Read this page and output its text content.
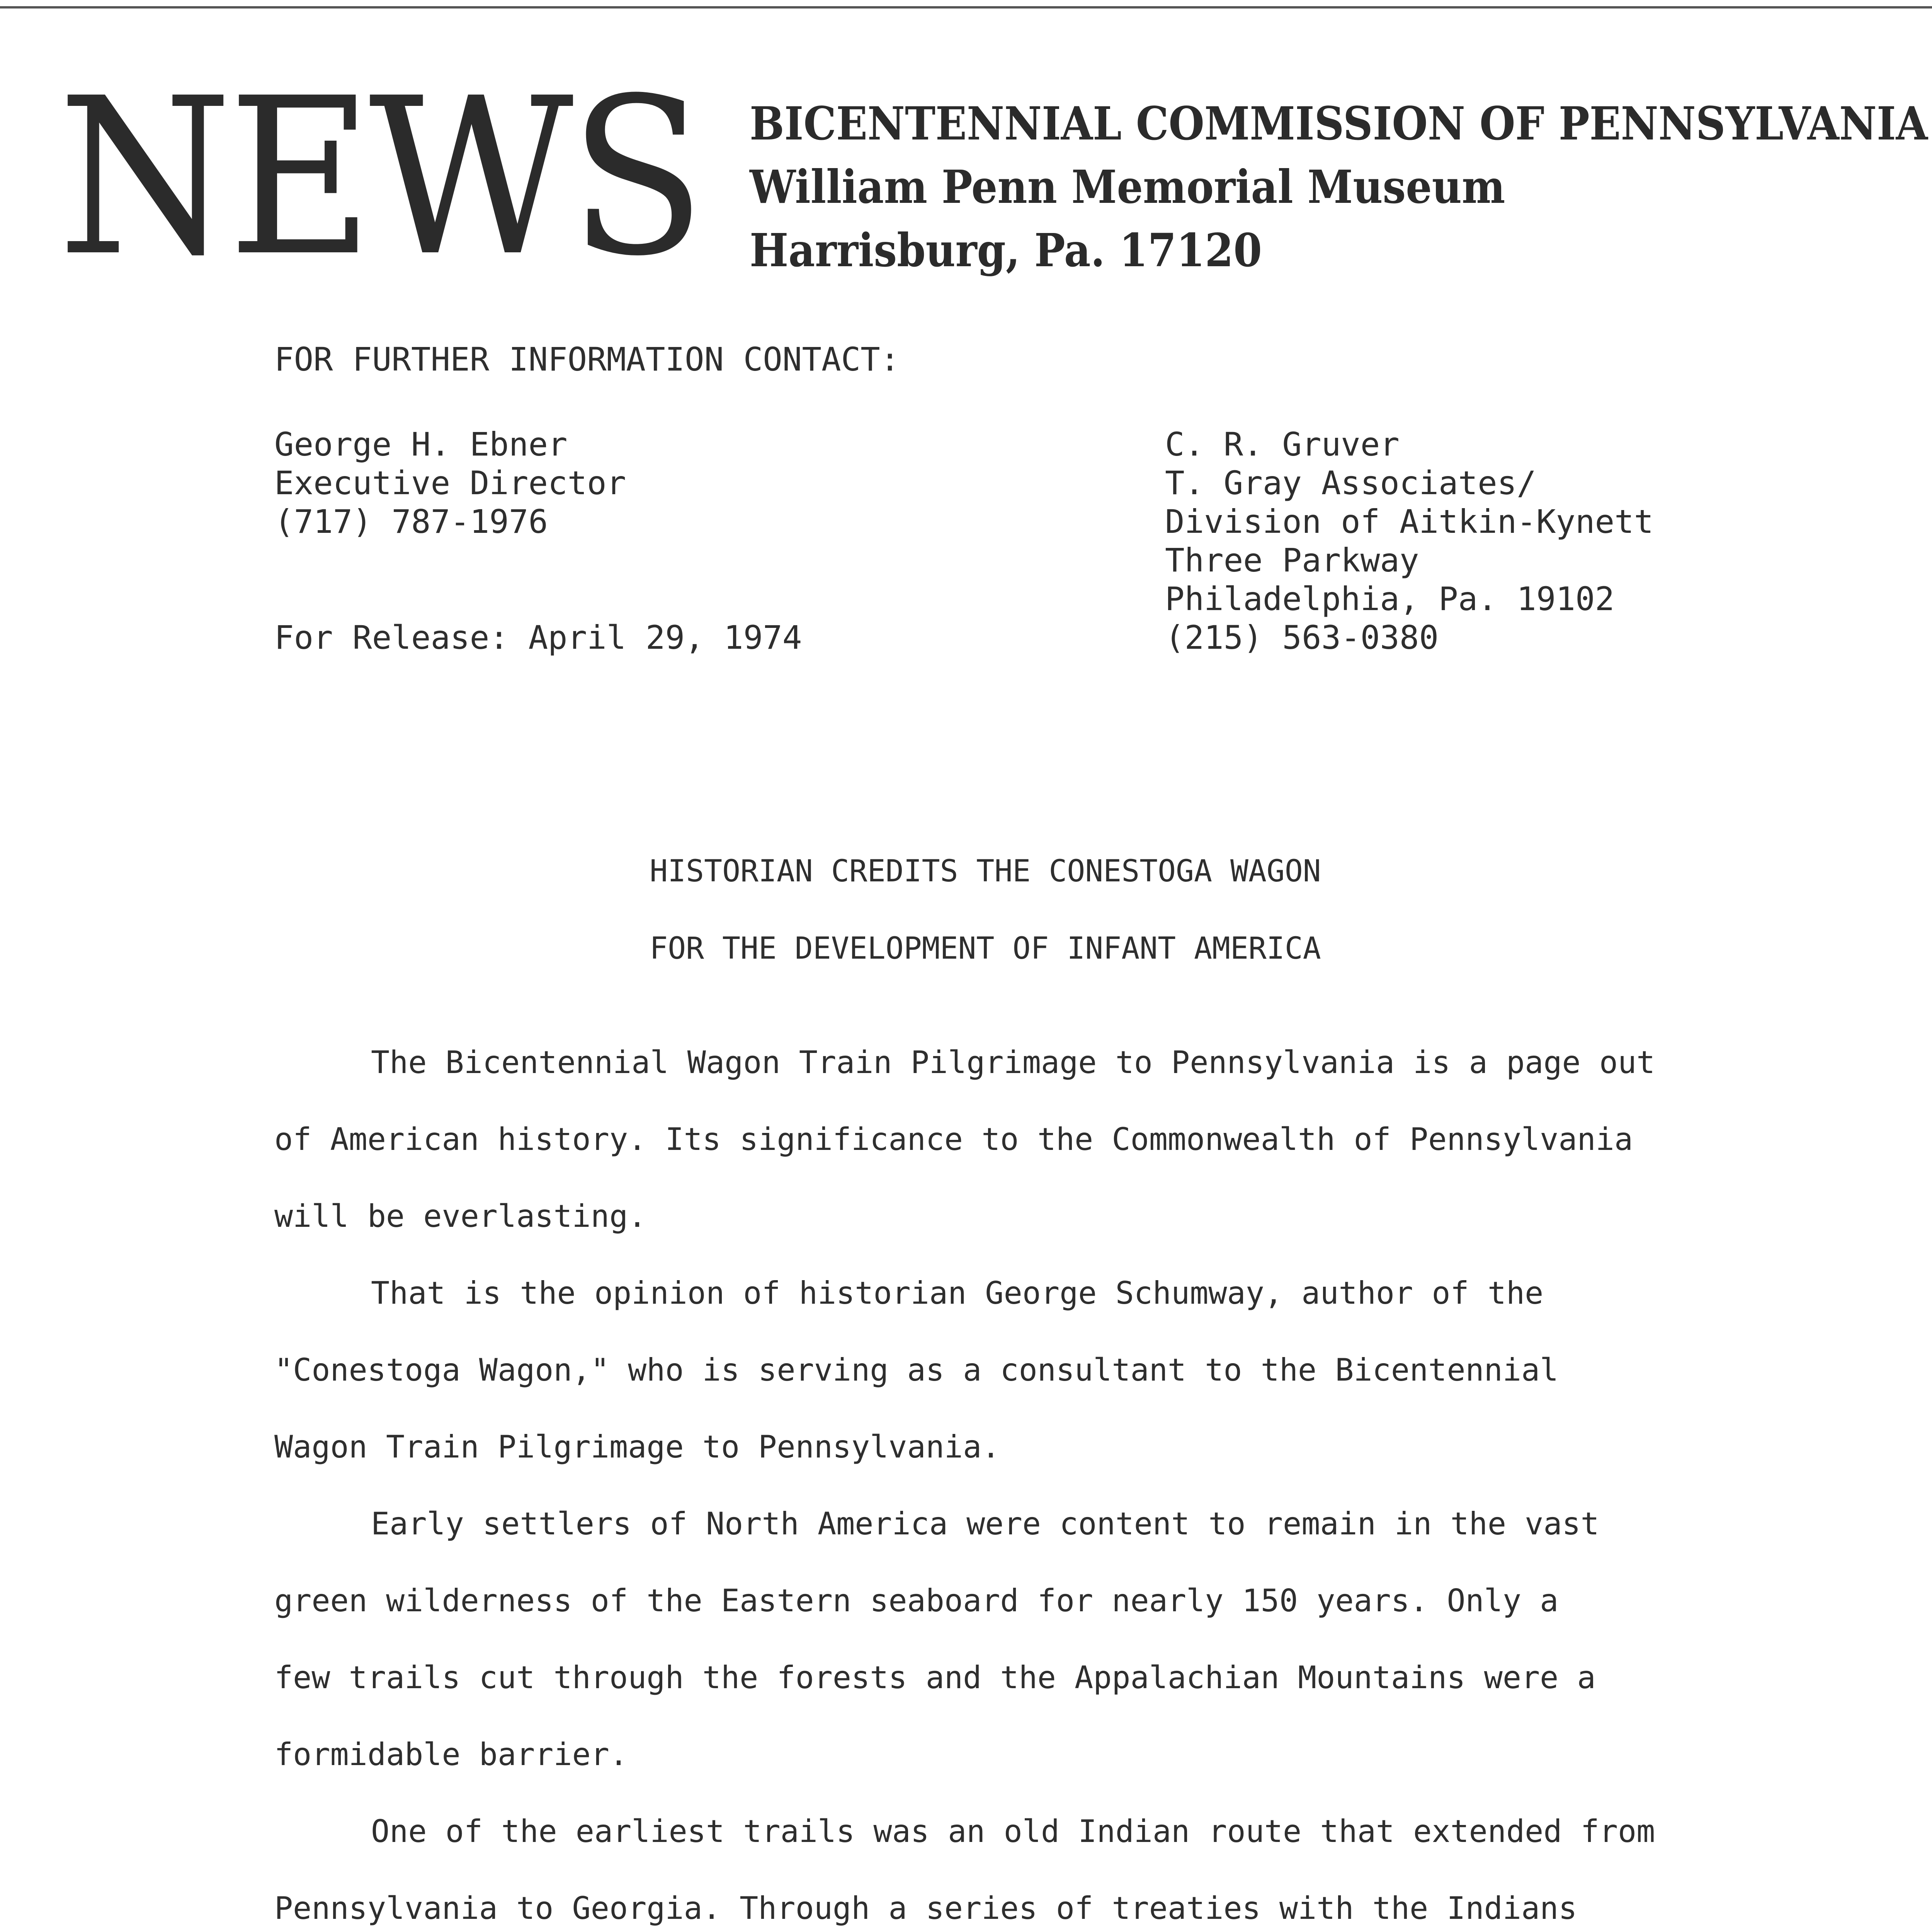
NEWS BICENTENNIAL COMMISSION OF PENNSYLVANIA
William Penn Memorial Museum
Harrisburg, Pa. 17120
FOR FURTHER INFORMATION CONTACT:
George H. Ebner
Executive Director
(717) 787-1976
C. R. Gruver
T. Gray Associates/
Division of Aitkin-Kynett
Three Parkway
Philadelphia, Pa. 19102
(215) 563-0380
For Release: April 29, 1974
HISTORIAN CREDITS THE CONESTOGA WAGON
FOR THE DEVELOPMENT OF INFANT AMERICA
The Bicentennial Wagon Train Pilgrimage to Pennsylvania is a page out
of American history. Its significance to the Commonwealth of Pennsylvania
will be everlasting.
That is the opinion of historian George Schumway, author of the
"Conestoga Wagon," who is serving as a consultant to the Bicentennial
Wagon Train Pilgrimage to Pennsylvania.
Early settlers of North America were content to remain in the vast
green wilderness of the Eastern seaboard for nearly 150 years. Only a
few trails cut through the forests and the Appalachian Mountains were a
formidable barrier.
One of the earliest trails was an old Indian route that extended from
Pennsylvania to Georgia. Through a series of treaties with the Indians
